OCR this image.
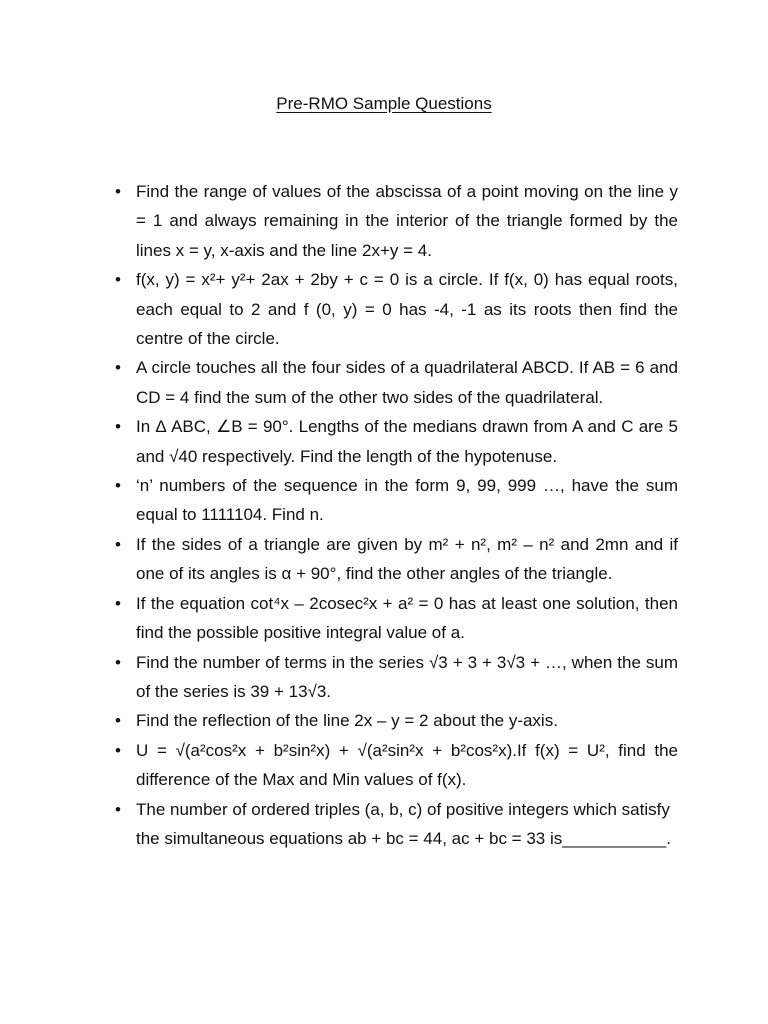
Pre-RMO Sample Questions
• Find the range of values of the abscissa of a point moving on the line y = 1 and always remaining in the interior of the triangle formed by the lines x = y, x-axis and the line 2x+y = 4.
• f(x, y) = x²+ y²+ 2ax + 2by + c = 0 is a circle. If f(x, 0) has equal roots, each equal to 2 and f (0, y) = 0 has -4, -1 as its roots then find the centre of the circle.
• A circle touches all the four sides of a quadrilateral ABCD. If AB = 6 and CD = 4 find the sum of the other two sides of the quadrilateral.
• In Δ ABC, ∠B = 90°. Lengths of the medians drawn from A and C are 5 and √40 respectively. Find the length of the hypotenuse.
• ‘n’ numbers of the sequence in the form 9, 99, 999 …, have the sum equal to 1111104. Find n.
• If the sides of a triangle are given by m² + n², m² – n² and 2mn and if one of its angles is α + 90°, find the other angles of the triangle.
• If the equation cot⁴x – 2cosec²x + a² = 0 has at least one solution, then find the possible positive integral value of a.
• Find the number of terms in the series √3 + 3 + 3√3 + …, when the sum of the series is 39 + 13√3.
• Find the reflection of the line 2x – y = 2 about the y-axis.
• U = √(a²cos²x + b²sin²x) + √(a²sin²x + b²cos²x).If f(x) = U², find the difference of the Max and Min values of f(x).
• The number of ordered triples (a, b, c) of positive integers which satisfy the simultaneous equations ab + bc = 44, ac + bc = 33 is___________.
